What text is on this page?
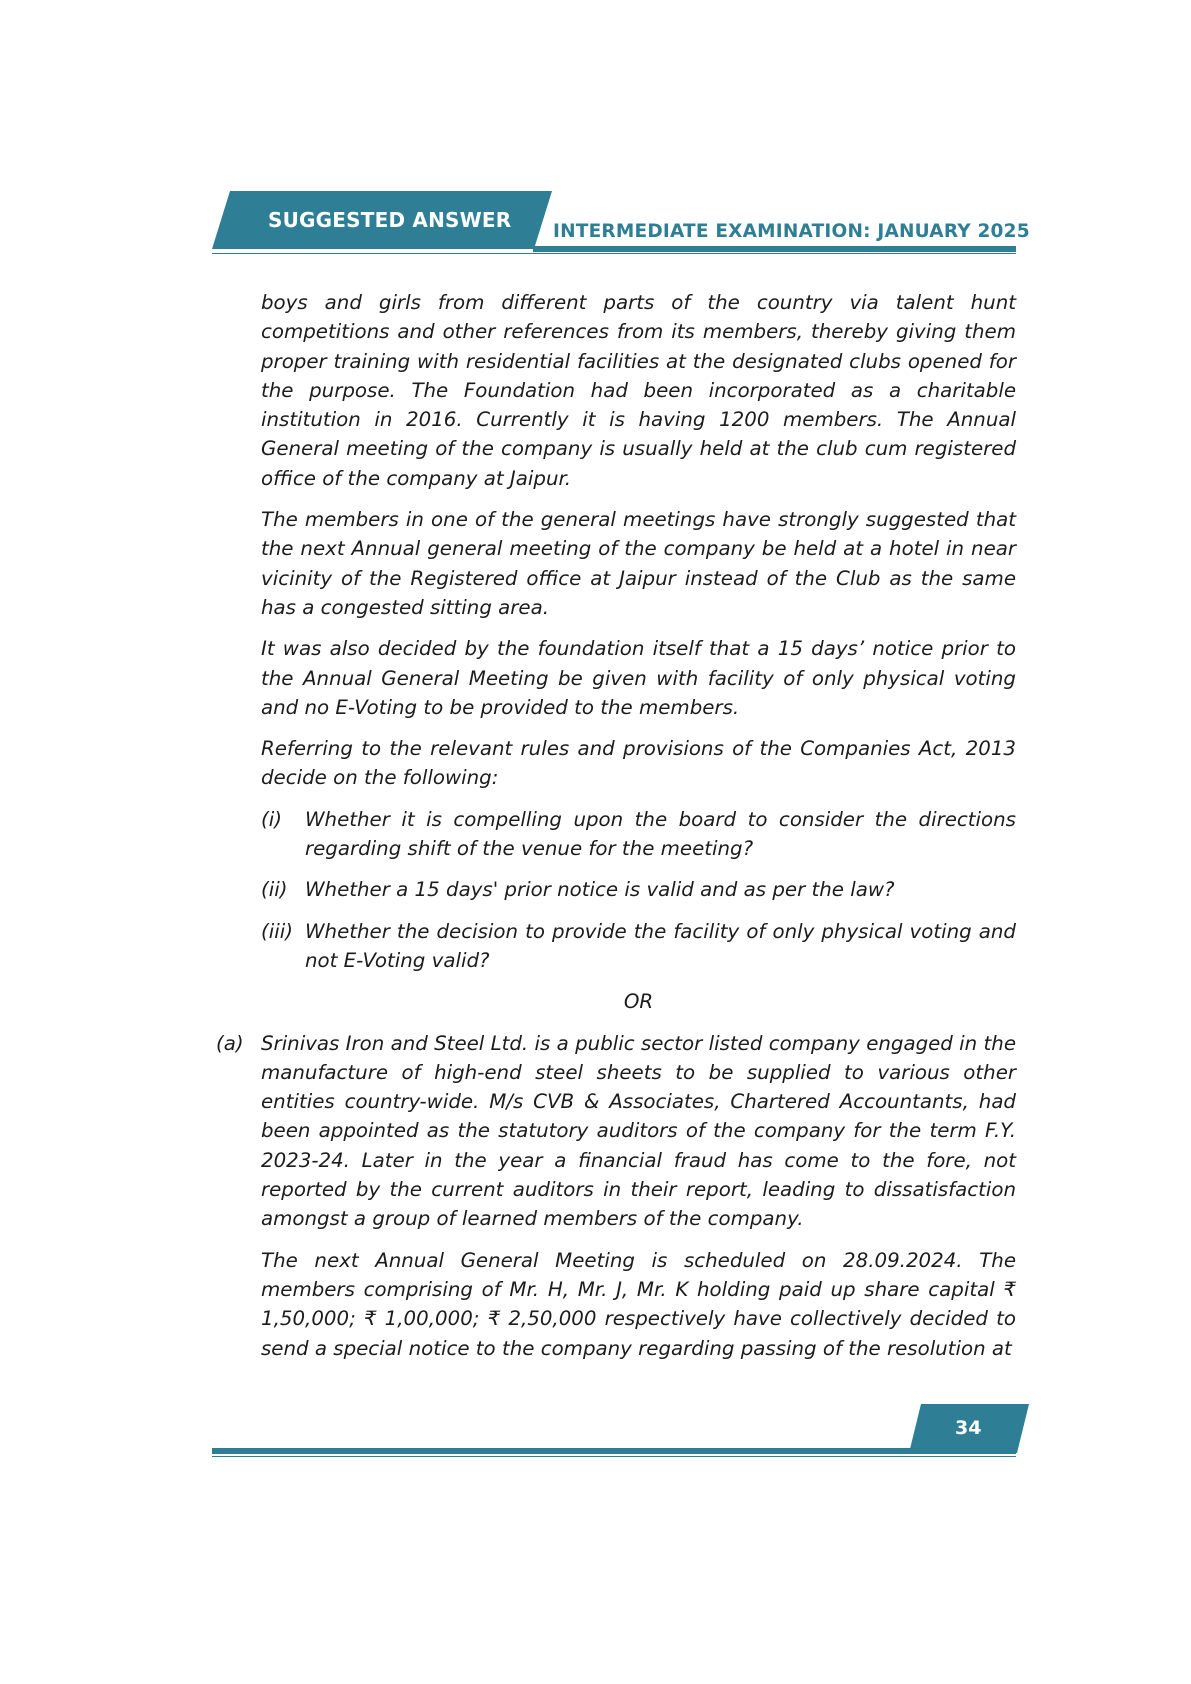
SUGGESTED ANSWER INTERMEDIATE EXAMINATION: JANUARY 2025

boys and girls from different parts of the country via talent hunt competitions and other references from its members, thereby giving them proper training with residential facilities at the designated clubs opened for the purpose. The Foundation had been incorporated as a charitable institution in 2016. Currently it is having 1200 members. The Annual General meeting of the company is usually held at the club cum registered office of the company at Jaipur.

The members in one of the general meetings have strongly suggested that the next Annual general meeting of the company be held at a hotel in near vicinity of the Registered office at Jaipur instead of the Club as the same has a congested sitting area.

It was also decided by the foundation itself that a 15 days’ notice prior to the Annual General Meeting be given with facility of only physical voting and no E-Voting to be provided to the members.

Referring to the relevant rules and provisions of the Companies Act, 2013 decide on the following:

(i)	Whether it is compelling upon the board to consider the directions regarding shift of the venue for the meeting?
(ii) Whether a 15 days' prior notice is valid and as per the law?
(iii) Whether the decision to provide the facility of only physical voting and not E-Voting valid?
OR
(a) Srinivas Iron and Steel Ltd. is a public sector listed company engaged in the manufacture of high-end steel sheets to be supplied to various other entities country-wide. M/s CVB & Associates, Chartered Accountants, had been appointed as the statutory auditors of the company for the term F.Y. 2023-24. Later in the year a financial fraud has come to the fore, not reported by the current auditors in their report, leading to dissatisfaction amongst a group of learned members of the company.

The next Annual General Meeting is scheduled on 28.09.2024. The members comprising of Mr. H, Mr. J, Mr. K holding paid up share capital ₹ 1,50,000; ₹ 1,00,000; ₹ 2,50,000 respectively have collectively decided to send a special notice to the company regarding passing of the resolution at

34
